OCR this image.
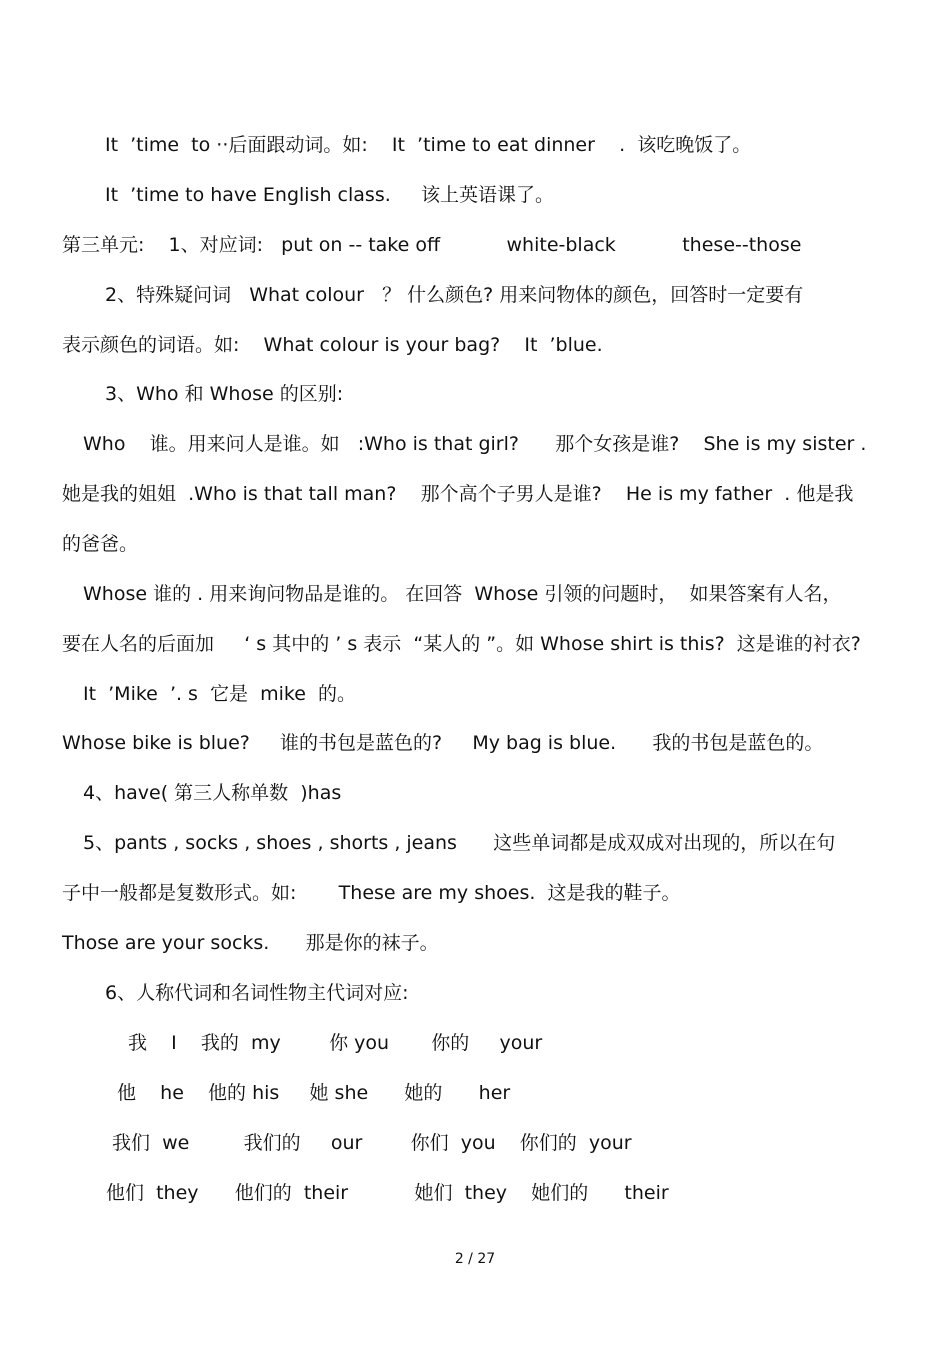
It  ’time  to ··后面跟动词。如:    It  ’time to eat dinner    .  该吃晚饭了。
It  ’time to have English class.     该上英语课了。
第三单元:    1、对应词:   put on -- take off           white-black           these--those
2、特殊疑问词   What colour   ？ 什么颜色? 用来问物体的颜色，回答时一定要有
表示颜色的词语。如:    What colour is your bag?    It  ’blue.
3、Who 和 Whose 的区别:
Who    谁。用来问人是谁。如   :Who is that girl?      那个女孩是谁?    She is my sister .
她是我的姐姐  .Who is that tall man?    那个高个子男人是谁?    He is my father  . 他是我
的爸爸。
Whose 谁的 . 用来询问物品是谁的。 在回答  Whose 引领的问题时，  如果答案有人名，
要在人名的后面加     ‘ s 其中的 ’ s 表示  “某人的 ”。如 Whose shirt is this?  这是谁的衬衣?
It  ’Mike  ’. s  它是  mike  的。
Whose bike is blue?     谁的书包是蓝色的?     My bag is blue.      我的书包是蓝色的。
4、have( 第三人称单数  )has
5、pants , socks , shoes , shorts , jeans      这些单词都是成双成对出现的，所以在句
子中一般都是复数形式。如:       These are my shoes.  这是我的鞋子。
Those are your socks.      那是你的袜子。
6、人称代词和名词性物主代词对应:
我    I    我的  my        你 you       你的     your
他    he    他的 his     她 she      她的      her
我们  we         我们的     our        你们  you    你们的  your
他们  they      他们的  their           她们  they    她们的      their
2 / 27
